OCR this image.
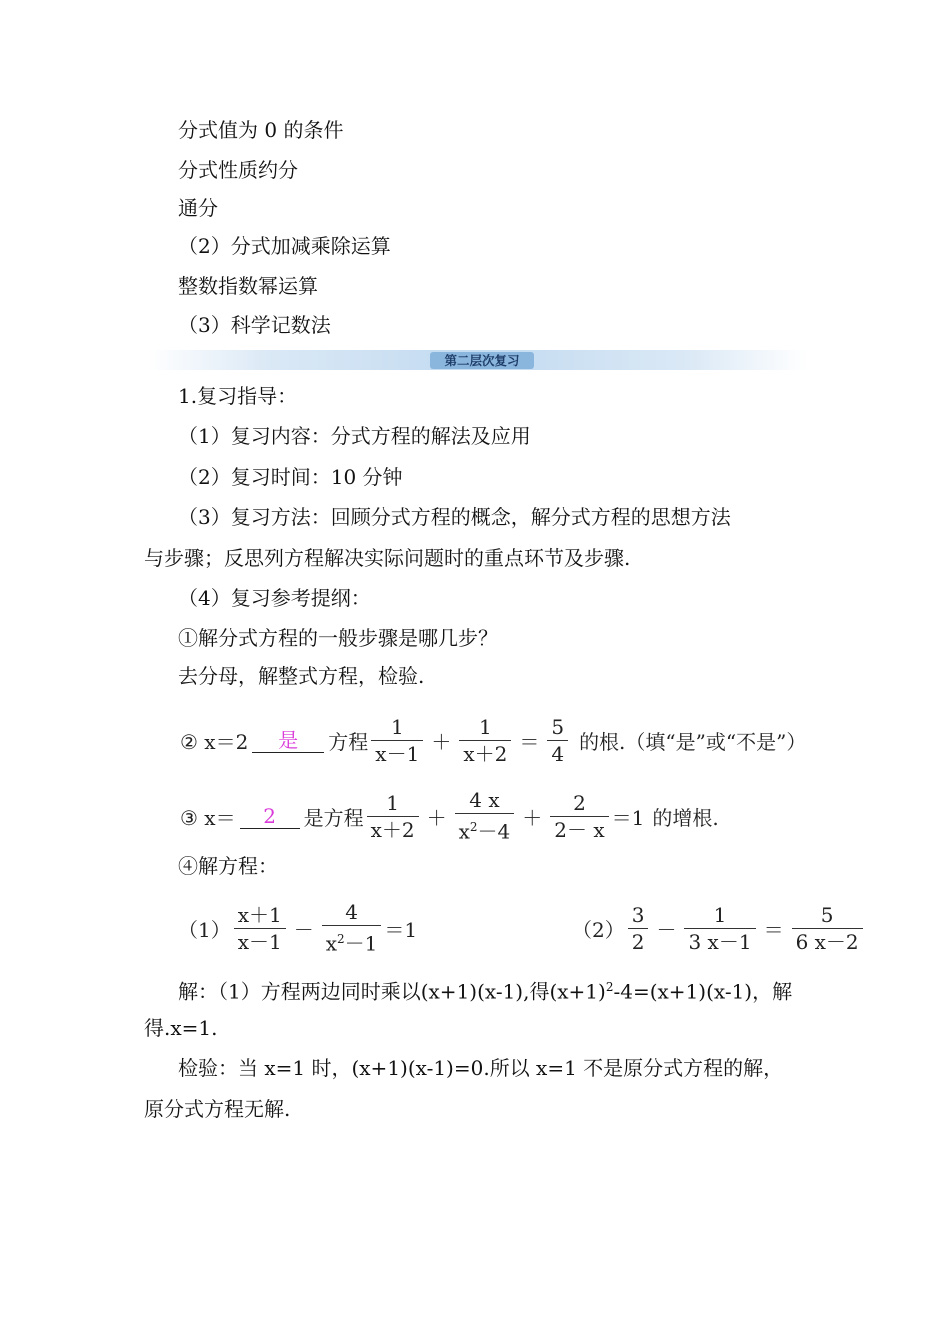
分式值为 0 的条件
分式性质约分
通分
（2）分式加减乘除运算
整数指数幂运算
（3）科学记数法
第二层次复习
1.复习指导：
（1）复习内容：分式方程的解法及应用
（2）复习时间：10 分钟
（3）复习方法：回顾分式方程的概念，解分式方程的思想方法
与步骤；反思列方程解决实际问题时的重点环节及步骤.
（4）复习参考提纲：
①解分式方程的一般步骤是哪几步？
去分母，解整式方程，检验.
② x＝2	是	方程 $\frac{1}{x-1} + \frac{1}{x+2} = \frac{5}{4}$ 的根.（填“是”或“不是”）
③ x＝	2	是方程 $\frac{1}{x+2} + \frac{4 x}{x^2-4} + \frac{2}{2- x} =1$ 的增根.
④解方程：
$(1) \frac{x+1}{x-1} - \frac{4}{x^2-1} =1$	$(2) \frac{3}{2} - \frac{1}{3 x-1} = \frac{5}{6 x-2}$
解：（1）方程两边同时乘以(x+1)(x-1),得$(x+1)^2-4=(x+1)(x-1)$，解
得.x=1.
检验：当 x=1 时，(x+1)(x-1)=0.所以 x=1 不是原分式方程的解，
原分式方程无解.
